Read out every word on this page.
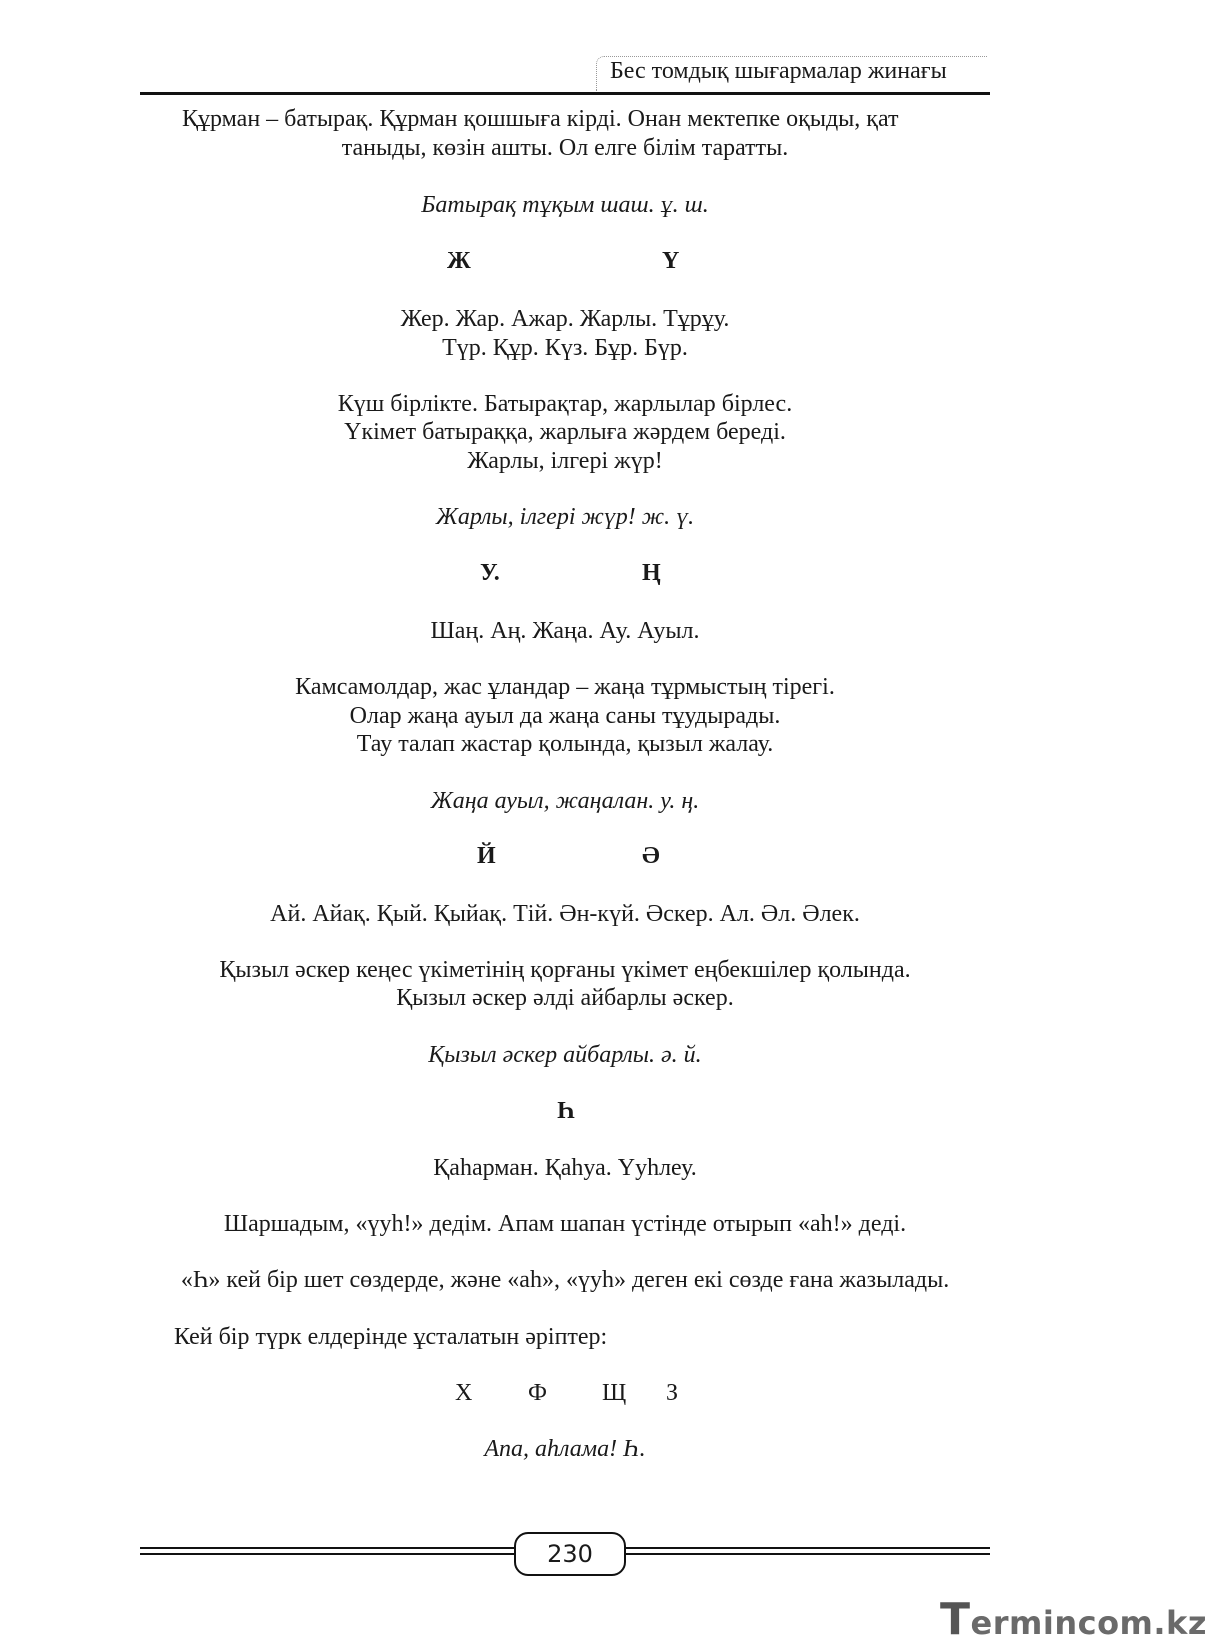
Бес томдық шығармалар жинағы
Құрман – батырақ. Құрман қошшыға кірді. Онан мектепке оқыды, қат
таныды, көзін ашты. Ол елге білім таратты.
Батырақ тұқым шаш. ұ. ш.
Ж	Ү
Жер. Жар. Ажар. Жарлы. Тұрұу.
Түр. Құр. Күз. Бұр. Бүр.
Күш бірлікте. Батырақтар, жарлылар бірлес.
Үкімет батыраққа, жарлыға жәрдем береді.
Жарлы, ілгері жүр!
Жарлы, ілгері жүр! ж. ү.
У.	Ң
Шаң. Аң. Жаңа. Ау. Ауыл.
Камсамолдар, жас ұландар – жаңа тұрмыстың тірегі.
Олар жаңа ауыл да жаңа саны тұудырады.
Тау талап жастар қолында, қызыл жалау.
Жаңа ауыл, жаңалан. у. ң.
Й	Ә
Ай. Айақ. Қый. Қыйақ. Тій. Ән-күй. Әскер. Ал. Әл. Әлек.
Қызыл әскер кеңес үкіметінің қорғаны үкімет еңбекшілер қолында.
Қызыл әскер әлді айбарлы әскер.
Қызыл әскер айбарлы. ә. й.
Һ
Қаһарман. Қаһуа. Үуһлеу.
Шаршадым, «үуһ!» дедім. Апам шапан үстінде отырып «аһ!» деді.
«Һ» кей бір шет сөздерде, және «аһ», «үуһ» деген екі сөзде ғана жазылады.
Кей бір түрк елдерінде ұсталатын әріптер:
Х Ф Щ З
Апа, аһлама! Һ.
230
Termincom.kz
